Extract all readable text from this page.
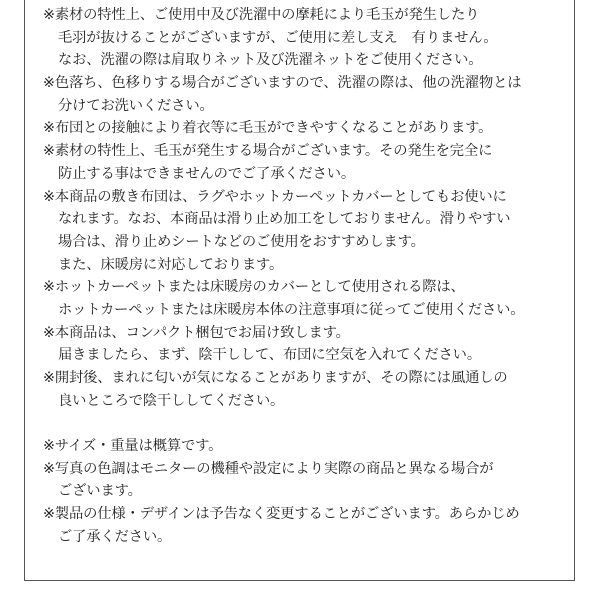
※素材の特性上、ご使用中及び洗濯中の摩耗により毛玉が発生したり
毛羽が抜けることがございますが、ご使用に差し支え　有りません。
なお、洗濯の際は肩取りネット及び洗濯ネットをご使用ください。
※色落ち、色移りする場合がございますので、洗濯の際は、他の洗濯物とは
分けてお洗いください。
※布団との接触により着衣等に毛玉ができやすくなることがあります。
※素材の特性上、毛玉が発生する場合がございます。その発生を完全に
防止する事はできませんのでご了承ください。
※本商品の敷き布団は、ラグやホットカーペットカバーとしてもお使いに
なれます。なお、本商品は滑り止め加工をしておりません。滑りやすい
場合は、滑り止めシートなどのご使用をおすすめします。
また、床暖房に対応しております。
※ホットカーペットまたは床暖房のカバーとして使用される際は、
ホットカーペットまたは床暖房本体の注意事項に従ってご使用ください。
※本商品は、コンパクト梱包でお届け致します。
届きましたら、まず、陰干しして、布団に空気を入れてください。
※開封後、まれに匂いが気になることがありますが、その際には風通しの
良いところで陰干ししてください。
※サイズ・重量は概算です。
※写真の色調はモニターの機種や設定により実際の商品と異なる場合が
ございます。
※製品の仕様・デザインは予告なく変更することがございます。あらかじめ
ご了承ください。
